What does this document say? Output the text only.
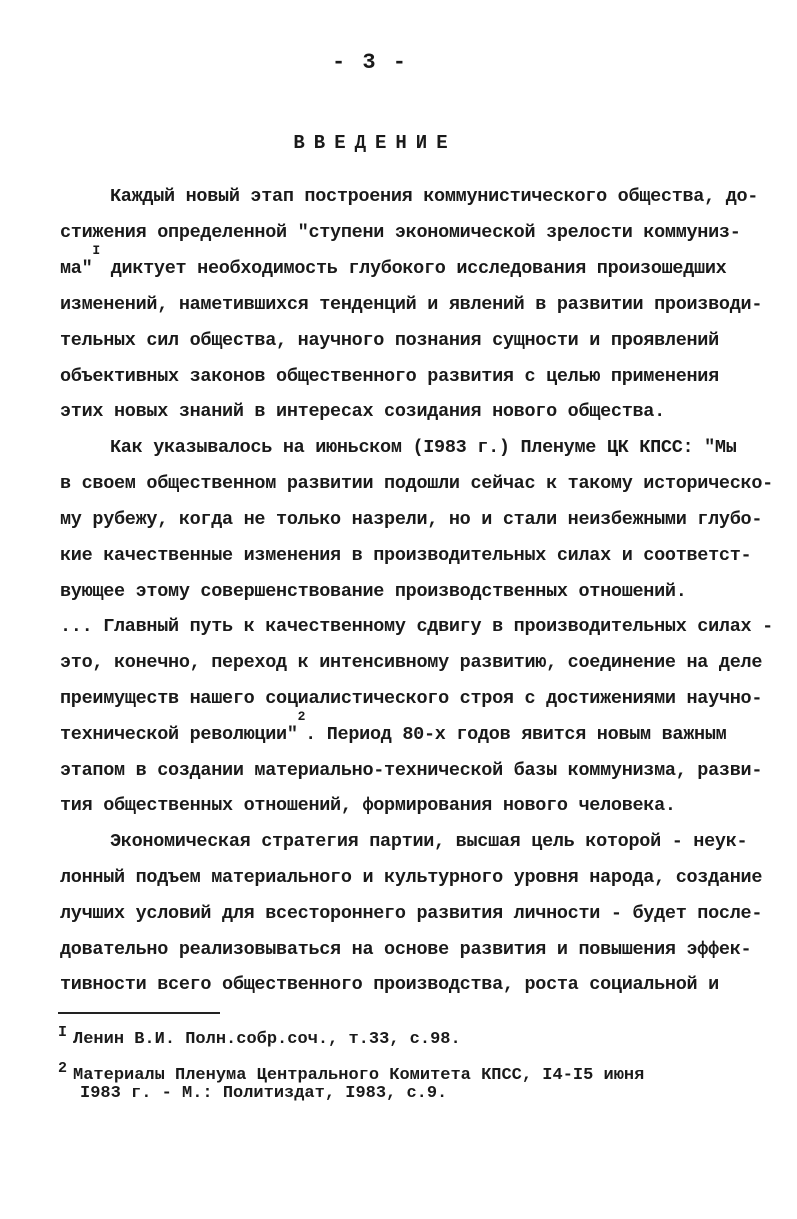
- 3 -
ВВЕДЕНИЕ
Каждый новый этап построения коммунистического общества, до-
стижения определенной "ступени экономической зрелости коммуниз-
ма"$^I$ диктует необходимость глубокого исследования произошедших
изменений, наметившихся тенденций и явлений в развитии производи-
тельных сил общества, научного познания сущности и проявлений
объективных законов общественного развития с целью применения
этих новых знаний в интересах созидания нового общества.
Как указывалось на июньском (I983 г.) Пленуме ЦК КПСС: "Мы
в своем общественном развитии подошли сейчас к такому историческо-
му рубежу, когда не только назрели, но и стали неизбежными глубо-
кие качественные изменения в производительных силах и соответст-
вующее этому совершенствование производственных отношений.
... Главный путь к качественному сдвигу в производительных силах -
это, конечно, переход к интенсивному развитию, соединение на деле
преимуществ нашего социалистического строя с достижениями научно-
технической революции"$^2$. Период 80-х годов явится новым важным
этапом в создании материально-технической базы коммунизма, разви-
тия общественных отношений, формирования нового человека.
Экономическая стратегия партии, высшая цель которой - неук-
лонный подъем материального и культурного уровня народа, создание
лучших условий для всестороннего развития личности - будет после-
довательно реализовываться на основе развития и повышения эффек-
тивности всего общественного производства, роста социальной и
I Ленин В.И. Полн.собр.соч., т.33, с.98.
2 Материалы Пленума Центрального Комитета КПСС, I4-I5 июня
I983 г. - М.: Политиздат, I983, с.9.
